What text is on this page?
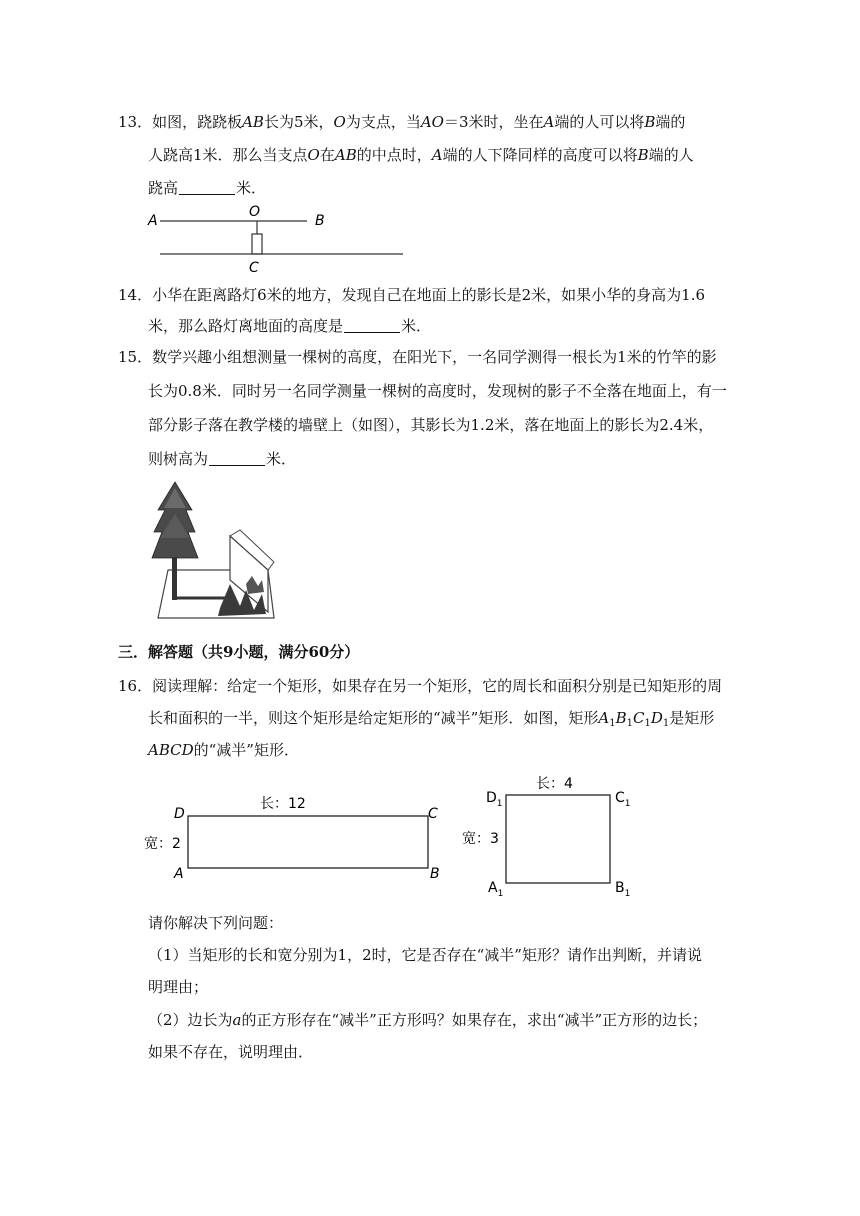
13．如图，跷跷板AB长为5米，O为支点，当AO＝3米时，坐在A端的人可以将B端的
人跷高1米．那么当支点O在AB的中点时，A端的人下降同样的高度可以将B端的人
跷高	米．
A
O
B
C
14．小华在距离路灯6米的地方，发现自己在地面上的影长是2米，如果小华的身高为1.6
米，那么路灯离地面的高度是	米．
15．数学兴趣小组想测量一棵树的高度，在阳光下，一名同学测得一根长为1米的竹竿的影
长为0.8米．同时另一名同学测量一棵树的高度时，发现树的影子不全落在地面上，有一
部分影子落在教学楼的墙壁上（如图），其影长为1.2米，落在地面上的影长为2.4米，
则树高为	米．
三．解答题（共9小题，满分60分）
16．阅读理解：给定一个矩形，如果存在另一个矩形，它的周长和面积分别是已知矩形的周
长和面积的一半，则这个矩形是给定矩形的“减半”矩形．如图，矩形$A_1B_1C_1D_1$是矩形
ABCD的“减半”矩形．
长：12
宽：2
D	C
A	B
长：4
宽：3
$D_1$	$C_1$
$A_1$	$B_1$
请你解决下列问题：
（1）当矩形的长和宽分别为1，2时，它是否存在“减半”矩形？请作出判断，并请说
明理由；
（2）边长为a的正方形存在“减半”正方形吗？如果存在，求出“减半”正方形的边长；
如果不存在，说明理由．
